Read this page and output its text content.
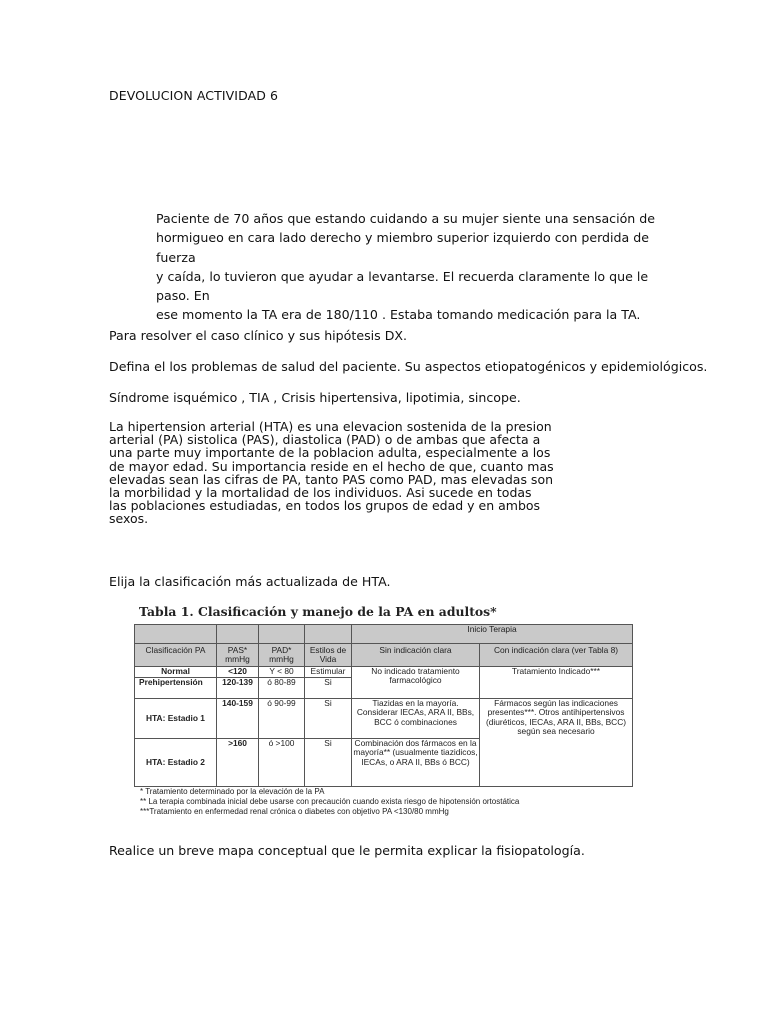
DEVOLUCION ACTIVIDAD 6
Paciente de 70 años que estando cuidando a su mujer siente una sensación de
hormigueo en cara lado derecho y miembro superior izquierdo con perdida de fuerza
y caída, lo tuvieron que ayudar a levantarse. El recuerda claramente lo que le paso. En
ese momento la TA era de 180/110 . Estaba tomando medicación para la TA.
Para resolver el caso clínico y sus hipótesis DX.
Defina el los problemas de salud del paciente. Su aspectos etiopatogénicos y epidemiológicos.
Síndrome isquémico , TIA , Crisis hipertensiva, lipotimia, sincope.
La hipertension arterial (HTA) es una elevacion sostenida de la presion
arterial (PA) sistolica (PAS), diastolica (PAD) o de ambas que afecta a
una parte muy importante de la poblacion adulta, especialmente a los
de mayor edad. Su importancia reside en el hecho de que, cuanto mas
elevadas sean las cifras de PA, tanto PAS como PAD, mas elevadas son
la morbilidad y la mortalidad de los individuos. Asi sucede en todas
las poblaciones estudiadas, en todos los grupos de edad y en ambos
sexos.
Elija la clasificación más actualizada de HTA.
Tabla 1. Clasificación y manejo de la PA en adultos*
				Inicio Terapia	
Clasificación PA	PAS* mmHg	PAD* mmHg	Estilos de Vida	Sin indicación clara	Con indicación clara (ver Tabla 8)
Normal	<120	Y < 80	Estimular	No indicado tratamiento farmacológico	Tratamiento Indicado***
Prehipertensión	120-139	ó 80-89	Si		
HTA: Estadio 1	140-159	ó 90-99	Si	Tiazidas en la mayoría. Considerar IECAs, ARA II, BBs, BCC ó combinaciones	Fármacos según las indicaciones presentes***. Otros antihipertensivos (diuréticos, IECAs, ARA II, BBs, BCC) según sea necesario
HTA: Estadio 2	>160	ó >100	Si	Combinación dos fármacos en la mayoría** (usualmente tiazidicos, IECAs, o ARA II, BBs ó BCC)	
* Tratamiento determinado por la elevación de la PA
** La terapia combinada inicial debe usarse con precaución cuando exista riesgo de hipotensión ortostática
***Tratamiento en enfermedad renal crónica o diabetes con objetivo PA <130/80 mmHg
Realice un breve mapa conceptual que le permita explicar la fisiopatología.
